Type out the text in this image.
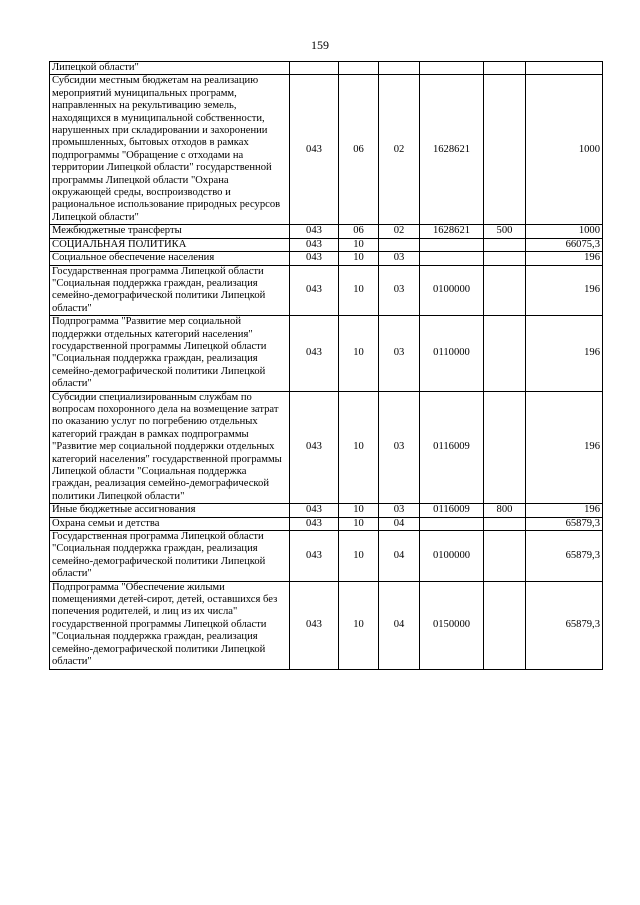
159
Липецкой области"						
Субсидии местным бюджетам на реализацию мероприятий муниципальных программ, направленных на рекультивацию земель, находящихся в муниципальной собственности, нарушенных при складировании и захоронении промышленных, бытовых отходов в рамках подпрограммы "Обращение с отходами на территории Липецкой области" государственной программы Липецкой области "Охрана окружающей среды, воспроизводство и рациональное использование природных ресурсов Липецкой области"	043	06	02	1628621		1000
Межбюджетные трансферты	043	06	02	1628621	500	1000
СОЦИАЛЬНАЯ ПОЛИТИКА	043	10				66075,3
Социальное обеспечение населения	043	10	03			196
Государственная программа Липецкой области "Социальная поддержка граждан, реализация семейно-демографической политики Липецкой области"	043	10	03	0100000		196
Подпрограмма "Развитие мер социальной поддержки отдельных категорий населения" государственной программы Липецкой области "Социальная поддержка граждан, реализация семейно-демографической политики Липецкой области"	043	10	03	0110000		196
Субсидии специализированным службам по вопросам похоронного дела на возмещение затрат по оказанию услуг по погребению отдельных категорий граждан в рамках подпрограммы "Развитие мер социальной поддержки отдельных категорий населения" государственной программы Липецкой области "Социальная поддержка граждан, реализация семейно-демографической политики Липецкой области"	043	10	03	0116009		196
Иные бюджетные ассигнования	043	10	03	0116009	800	196
Охрана семьи и детства	043	10	04			65879,3
Государственная программа Липецкой области "Социальная поддержка граждан, реализация семейно-демографической политики Липецкой области"	043	10	04	0100000		65879,3
Подпрограмма "Обеспечение жилыми помещениями детей-сирот, детей, оставшихся без попечения родителей, и лиц из их числа" государственной программы Липецкой области "Социальная поддержка граждан, реализация семейно-демографической политики Липецкой области"	043	10	04	0150000		65879,3
